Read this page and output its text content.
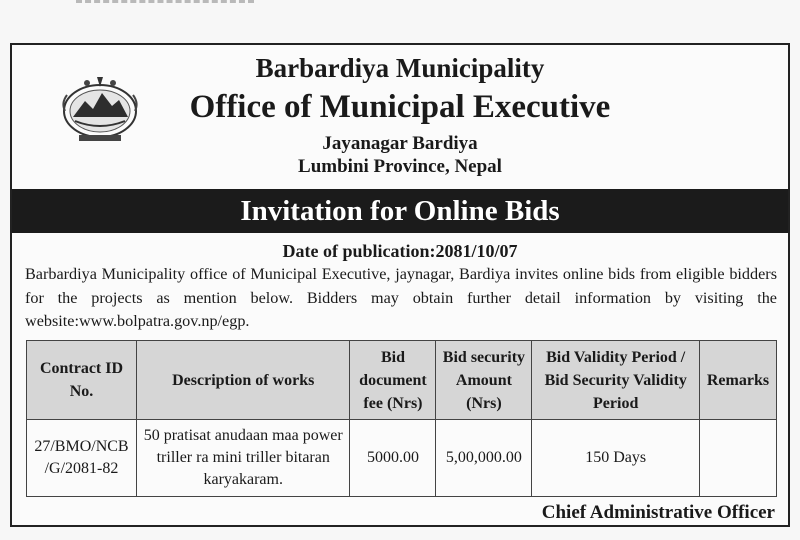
Barbardiya Municipality
Office of Municipal Executive
Jayanagar Bardiya
Lumbini Province, Nepal
Invitation for Online Bids
Date of publication:2081/10/07
Barbardiya Municipality office of Municipal Executive, jaynagar, Bardiya invites online bids from eligible bidders for the projects as mention below. Bidders may obtain further detail information by visiting the website:www.bolpatra.gov.np/egp.
Contract ID No.	Description of works	Bid document fee (Nrs)	Bid security Amount (Nrs)	Bid Validity Period / Bid Security Validity Period	Remarks
27/BMO/NCB /G/2081-82	50 pratisat anudaan maa power triller ra mini triller bitaran karyakaram.	5000.00	5,00,000.00	150 Days	
Chief Administrative Officer
